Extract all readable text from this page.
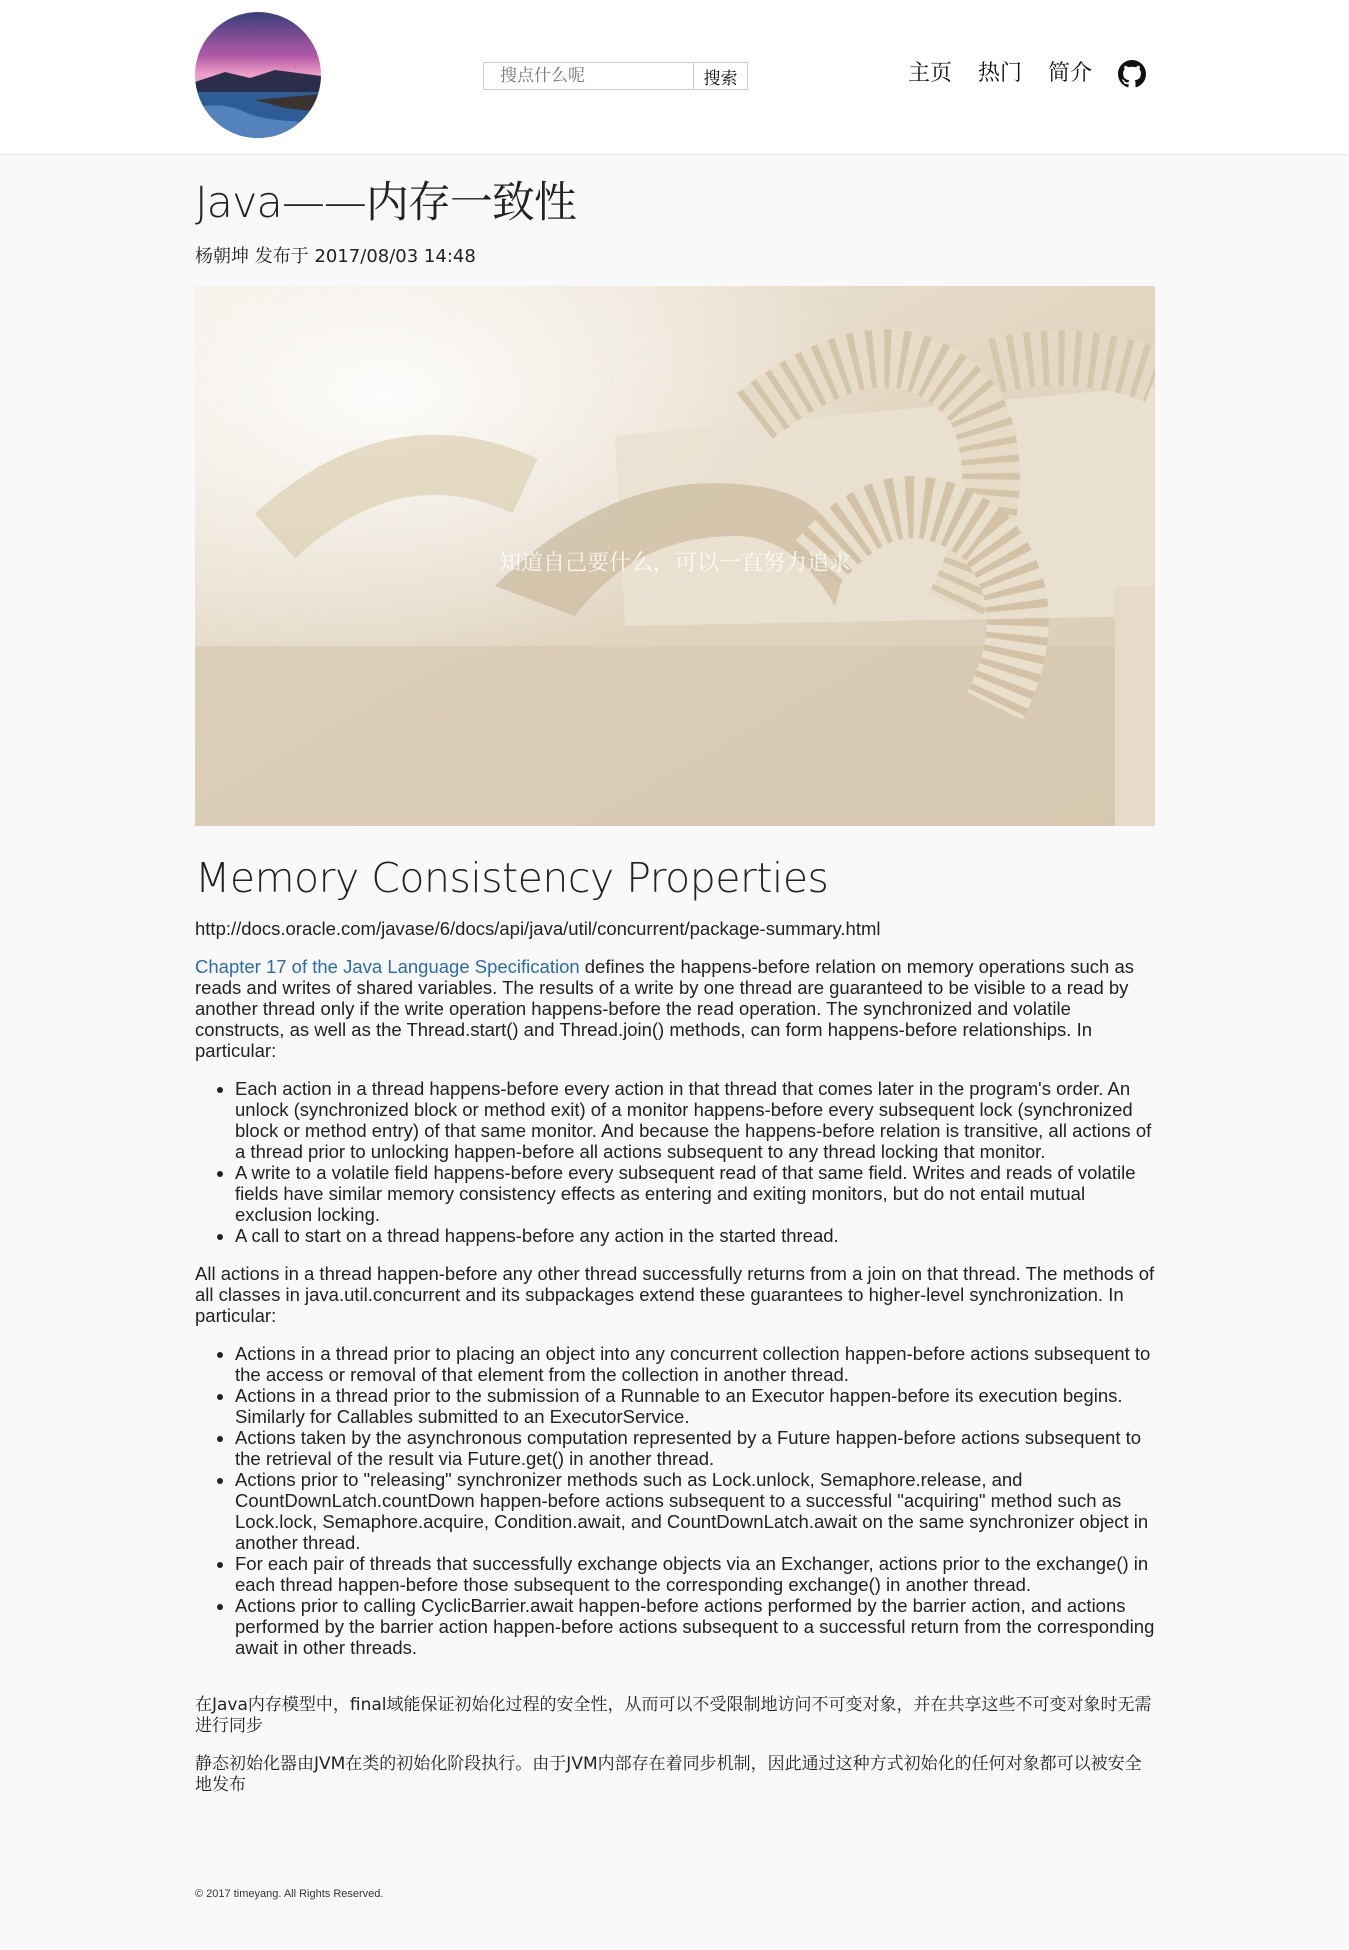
搜点什么呢
搜索	主页 热门 简介
Java——内存一致性
杨朝坤 发布于 2017/08/03 14:48
知道自己要什么，可以一直努力追求
Memory Consistency Properties

http://docs.oracle.com/javase/6/docs/api/java/util/concurrent/package-summary.html

Chapter 17 of the Java Language Specification defines the happens-before relation on memory operations such as reads and writes of shared variables. The results of a write by one thread are guaranteed to be visible to a read by another thread only if the write operation happens-before the read operation. The synchronized and volatile constructs, as well as the Thread.start() and Thread.join() methods, can form happens-before relationships. In particular:

• Each action in a thread happens-before every action in that thread that comes later in the program's order. An unlock (synchronized block or method exit) of a monitor happens-before every subsequent lock (synchronized block or method entry) of that same monitor. And because the happens-before relation is transitive, all actions of a thread prior to unlocking happen-before all actions subsequent to any thread locking that monitor.
• A write to a volatile field happens-before every subsequent read of that same field. Writes and reads of volatile fields have similar memory consistency effects as entering and exiting monitors, but do not entail mutual exclusion locking.
• A call to start on a thread happens-before any action in the started thread.

All actions in a thread happen-before any other thread successfully returns from a join on that thread. The methods of all classes in java.util.concurrent and its subpackages extend these guarantees to higher-level synchronization. In particular:

• Actions in a thread prior to placing an object into any concurrent collection happen-before actions subsequent to the access or removal of that element from the collection in another thread.
• Actions in a thread prior to the submission of a Runnable to an Executor happen-before its execution begins. Similarly for Callables submitted to an ExecutorService.
• Actions taken by the asynchronous computation represented by a Future happen-before actions subsequent to the retrieval of the result via Future.get() in another thread.
• Actions prior to "releasing" synchronizer methods such as Lock.unlock, Semaphore.release, and CountDownLatch.countDown happen-before actions subsequent to a successful "acquiring" method such as Lock.lock, Semaphore.acquire, Condition.await, and CountDownLatch.await on the same synchronizer object in another thread.
• For each pair of threads that successfully exchange objects via an Exchanger, actions prior to the exchange() in each thread happen-before those subsequent to the corresponding exchange() in another thread.
• Actions prior to calling CyclicBarrier.await happen-before actions performed by the barrier action, and actions performed by the barrier action happen-before actions subsequent to a successful return from the corresponding await in other threads.

在Java内存模型中，final域能保证初始化过程的安全性，从而可以不受限制地访问不可变对象，并在共享这些不可变对象时无需进行同步

静态初始化器由JVM在类的初始化阶段执行。由于JVM内部存在着同步机制，因此通过这种方式初始化的任何对象都可以被安全地发布

© 2017 timeyang. All Rights Reserved.
